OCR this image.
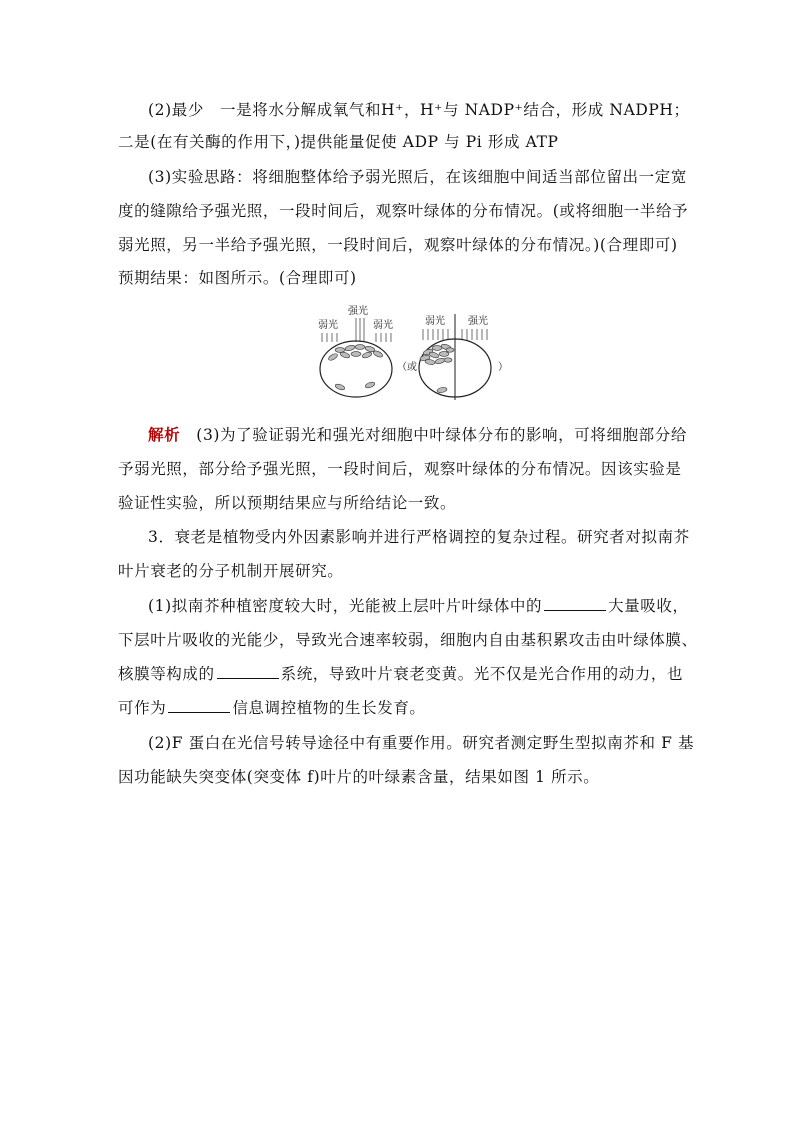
(2)最少　一是将水分解成氧气和H⁺，H⁺与 NADP⁺结合，形成 NADPH；
二是(在有关酶的作用下，)提供能量促使 ADP 与 Pi 形成 ATP
(3)实验思路：将细胞整体给予弱光照后，在该细胞中间适当部位留出一定宽
度的缝隙给予强光照，一段时间后，观察叶绿体的分布情况。(或将细胞一半给予
弱光照，另一半给予强光照，一段时间后，观察叶绿体的分布情况。)(合理即可)
预期结果：如图所示。(合理即可)
弱光
强光
弱光
（或
弱光 强光
）
解析　(3)为了验证弱光和强光对细胞中叶绿体分布的影响，可将细胞部分给
予弱光照，部分给予强光照，一段时间后，观察叶绿体的分布情况。因该实验是
验证性实验，所以预期结果应与所给结论一致。
3．衰老是植物受内外因素影响并进行严格调控的复杂过程。研究者对拟南芥
叶片衰老的分子机制开展研究。
(1)拟南芥种植密度较大时，光能被上层叶片叶绿体中的	大量吸收，
下层叶片吸收的光能少，导致光合速率较弱，细胞内自由基积累攻击由叶绿体膜、
核膜等构成的	系统，导致叶片衰老变黄。光不仅是光合作用的动力，也
可作为	信息调控植物的生长发育。
(2)F 蛋白在光信号转导途径中有重要作用。研究者测定野生型拟南芥和 F 基
因功能缺失突变体(突变体 f)叶片的叶绿素含量，结果如图 1 所示。
